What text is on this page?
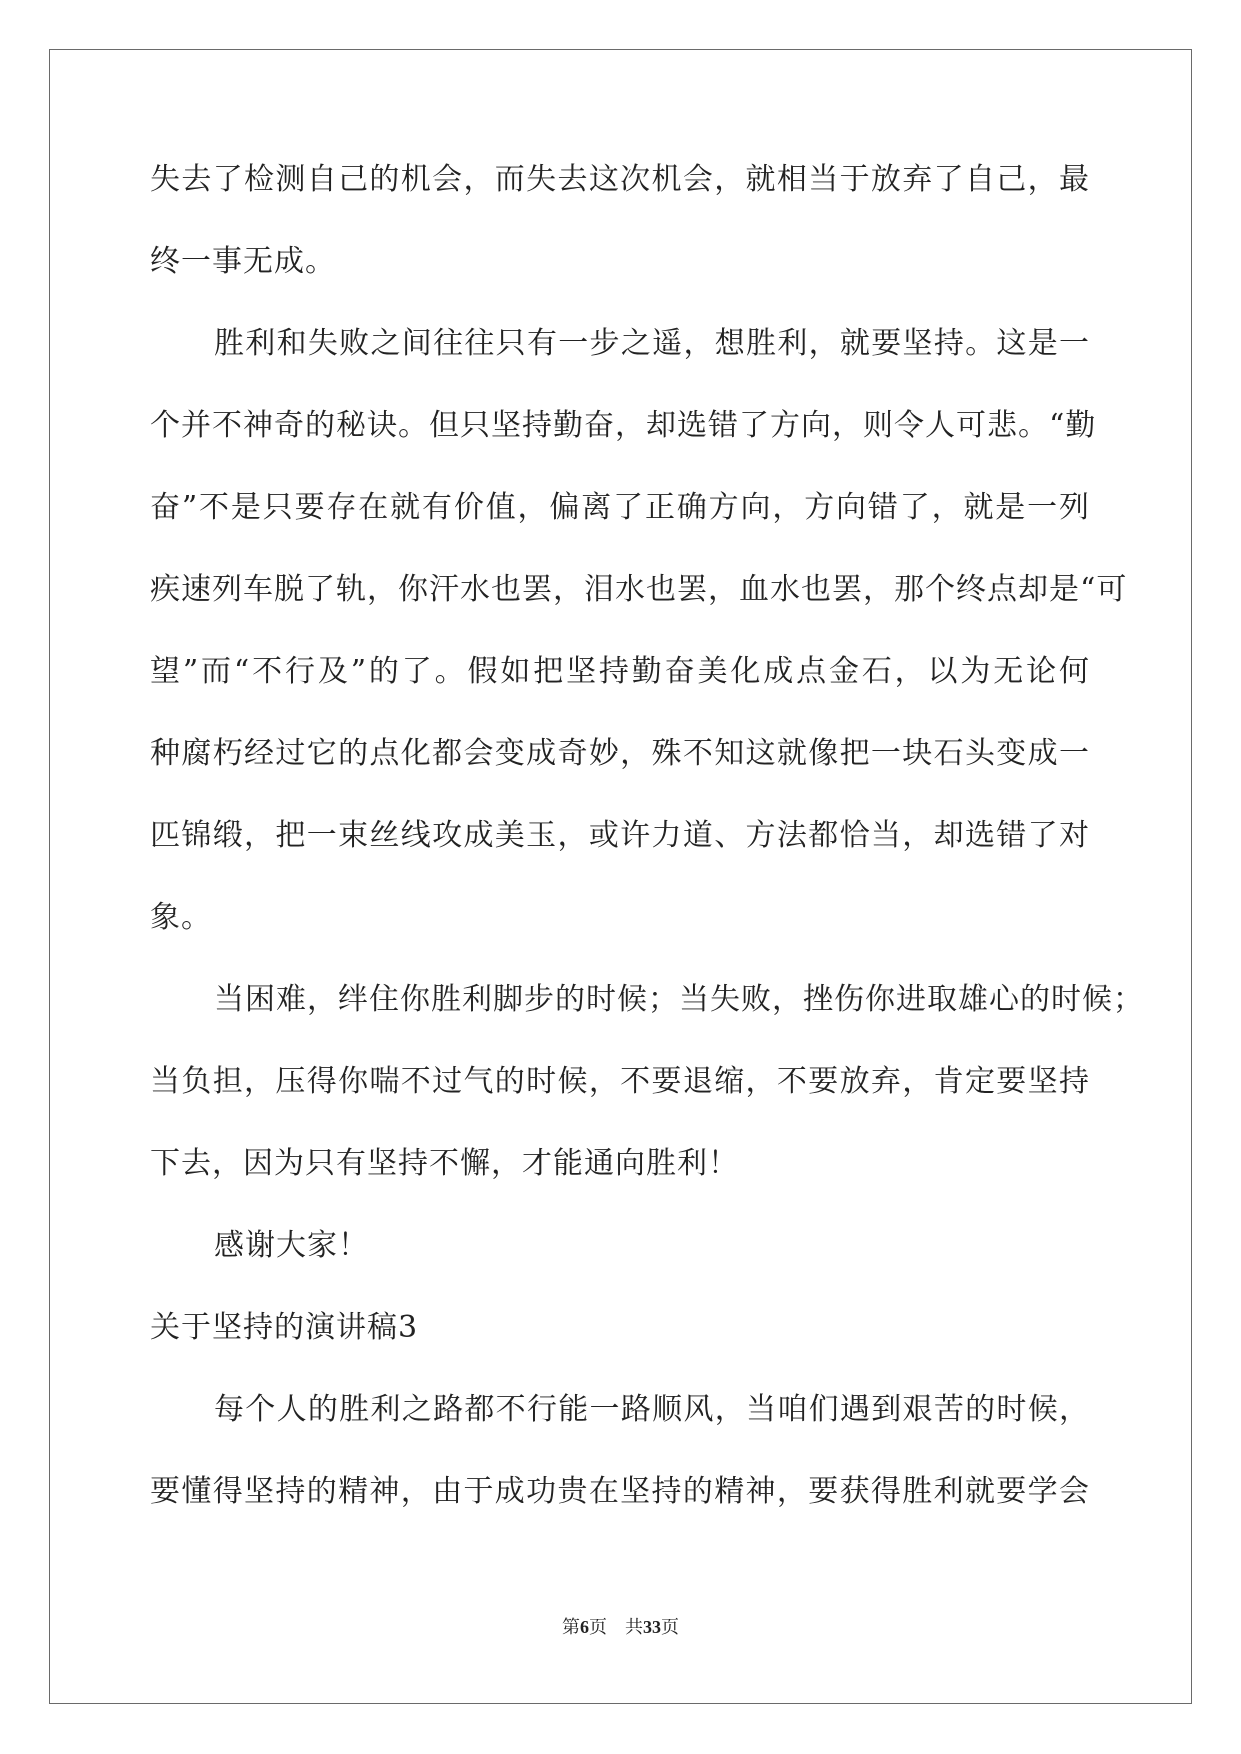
失去了检测自己的机会，而失去这次机会，就相当于放弃了自己，最
终一事无成。
胜利和失败之间往往只有一步之遥，想胜利，就要坚持。这是一
个并不神奇的秘诀。但只坚持勤奋，却选错了方向，则令人可悲。“勤
奋”不是只要存在就有价值，偏离了正确方向，方向错了，就是一列
疾速列车脱了轨，你汗水也罢，泪水也罢，血水也罢，那个终点却是“可
望”而“不行及”的了。假如把坚持勤奋美化成点金石，以为无论何
种腐朽经过它的点化都会变成奇妙，殊不知这就像把一块石头变成一
匹锦缎，把一束丝线攻成美玉，或许力道、方法都恰当，却选错了对
象。
当困难，绊住你胜利脚步的时候；当失败，挫伤你进取雄心的时候；
当负担，压得你喘不过气的时候，不要退缩，不要放弃，肯定要坚持
下去，因为只有坚持不懈，才能通向胜利！
感谢大家！
关于坚持的演讲稿3
每个人的胜利之路都不行能一路顺风，当咱们遇到艰苦的时候，
要懂得坚持的精神，由于成功贵在坚持的精神，要获得胜利就要学会
第6页　共33页
